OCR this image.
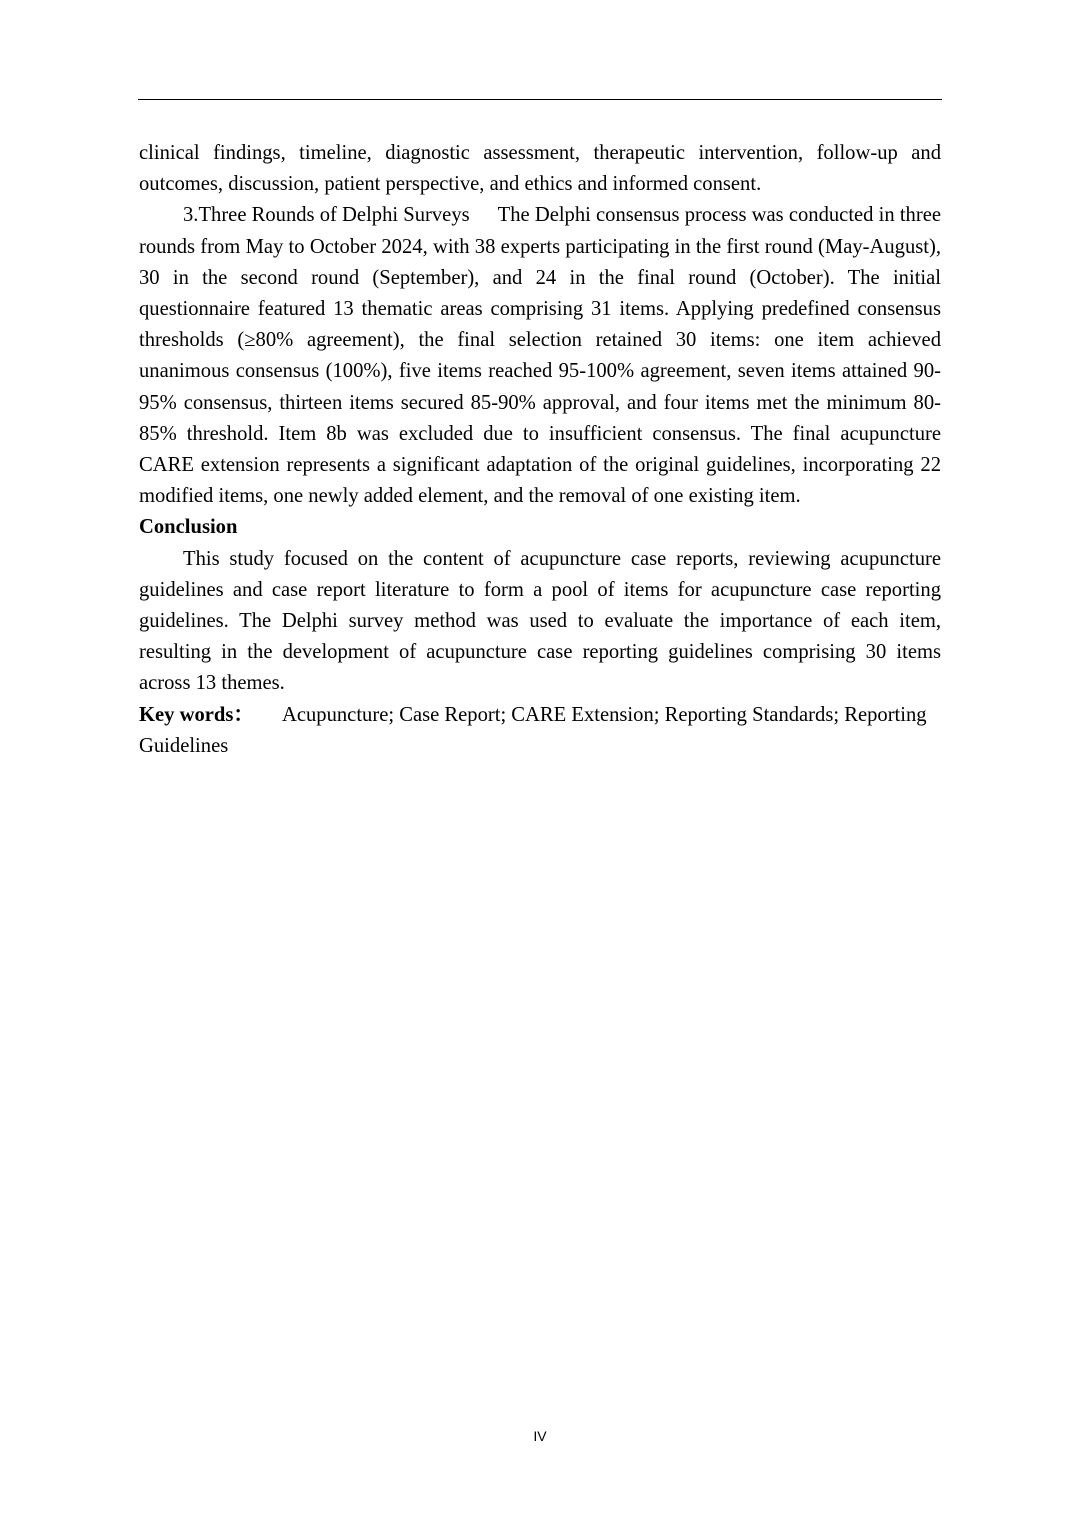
clinical findings, timeline, diagnostic assessment, therapeutic intervention, follow-up and outcomes, discussion, patient perspective, and ethics and informed consent.

3.Three Rounds of Delphi Surveys The Delphi consensus process was conducted in three rounds from May to October 2024, with 38 experts participating in the first round (May-August), 30 in the second round (September), and 24 in the final round (October). The initial questionnaire featured 13 thematic areas comprising 31 items. Applying predefined consensus thresholds (≥80% agreement), the final selection retained 30 items: one item achieved unanimous consensus (100%), five items reached 95-100% agreement, seven items attained 90-95% consensus, thirteen items secured 85-90% approval, and four items met the minimum 80-85% threshold. Item 8b was excluded due to insufficient consensus. The final acupuncture CARE extension represents a significant adaptation of the original guidelines, incorporating 22 modified items, one newly added element, and the removal of one existing item.

Conclusion

This study focused on the content of acupuncture case reports, reviewing acupuncture guidelines and case report literature to form a pool of items for acupuncture case reporting guidelines. The Delphi survey method was used to evaluate the importance of each item, resulting in the development of acupuncture case reporting guidelines comprising 30 items across 13 themes.

Key words： Acupuncture; Case Report; CARE Extension; Reporting Standards; Reporting Guidelines

IV
